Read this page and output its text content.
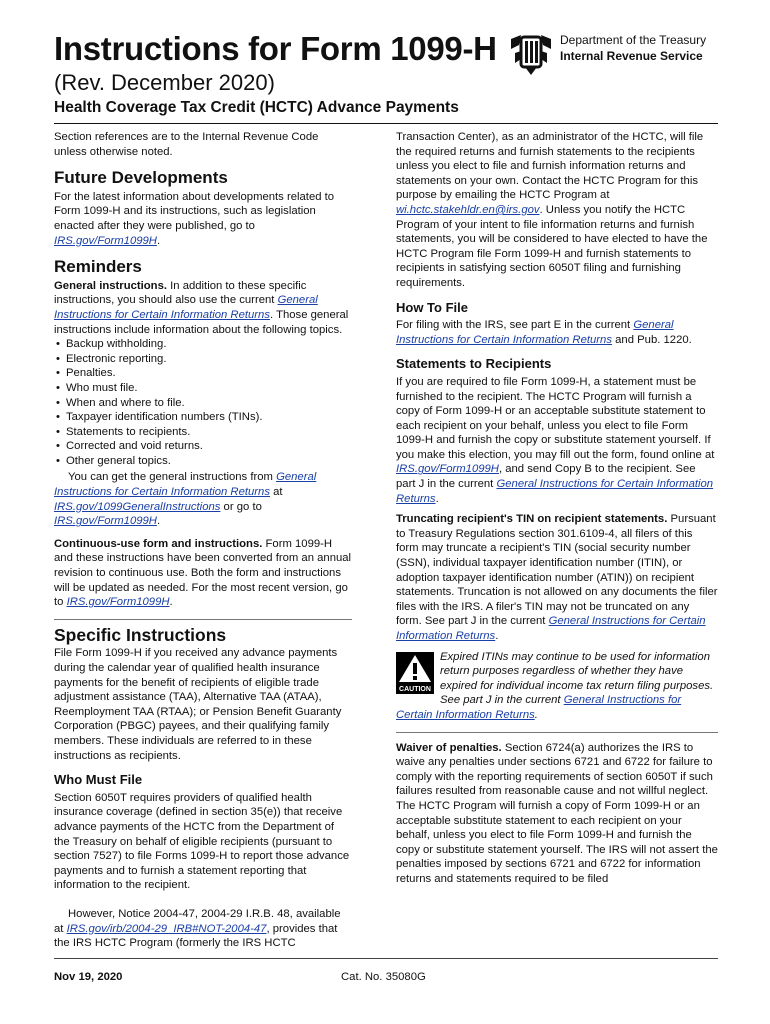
Instructions for Form 1099-H
(Rev. December 2020)
Health Coverage Tax Credit (HCTC) Advance Payments
Department of the Treasury
Internal Revenue Service

Section references are to the Internal Revenue Code unless otherwise noted.

Future Developments

For the latest information about developments related to Form 1099-H and its instructions, such as legislation enacted after they were published, go to IRS.gov/Form1099H.

Reminders

General instructions. In addition to these specific instructions, you should also use the current General Instructions for Certain Information Returns. Those general instructions include information about the following topics.

• Backup withholding.
• Electronic reporting.
• Penalties.
• Who must file.
• When and where to file.
• Taxpayer identification numbers (TINs).
• Statements to recipients.
• Corrected and void returns.
• Other general topics.

You can get the general instructions from General Instructions for Certain Information Returns at IRS.gov/1099GeneralInstructions or go to IRS.gov/Form1099H.

Continuous-use form and instructions. Form 1099-H and these instructions have been converted from an annual revision to continuous use. Both the form and instructions will be updated as needed. For the most recent version, go to IRS.gov/Form1099H.

Specific Instructions

File Form 1099-H if you received any advance payments during the calendar year of qualified health insurance payments for the benefit of recipients of eligible trade adjustment assistance (TAA), Alternative TAA (ATAA), Reemployment TAA (RTAA); or Pension Benefit Guaranty Corporation (PBGC) payees, and their qualifying family members. These individuals are referred to in these instructions as recipients.

Who Must File

Section 6050T requires providers of qualified health insurance coverage (defined in section 35(e)) that receive advance payments of the HCTC from the Department of the Treasury on behalf of eligible recipients (pursuant to section 7527) to file Forms 1099-H to report those advance payments and to furnish a statement reporting that information to the recipient.

However, Notice 2004-47, 2004-29 I.R.B. 48, available at IRS.gov/irb/2004-29_IRB#NOT-2004-47, provides that the IRS HCTC Program (formerly the IRS HCTC

Transaction Center), as an administrator of the HCTC, will file the required returns and furnish statements to the recipients unless you elect to file and furnish information returns and statements on your own. Contact the HCTC Program for this purpose by emailing the HCTC Program at wi.hctc.stakehldr.en@irs.gov. Unless you notify the HCTC Program of your intent to file information returns and furnish statements, you will be considered to have elected to have the HCTC Program file Form 1099-H and furnish statements to recipients in satisfying section 6050T filing and furnishing requirements.

How To File

For filing with the IRS, see part E in the current General Instructions for Certain Information Returns and Pub. 1220.

Statements to Recipients

If you are required to file Form 1099-H, a statement must be furnished to the recipient. The HCTC Program will furnish a copy of Form 1099-H or an acceptable substitute statement to each recipient on your behalf, unless you elect to file Form 1099-H and furnish the copy or substitute statement yourself. If you make this election, you may fill out the form, found online at IRS.gov/Form1099H, and send Copy B to the recipient. See part J in the current General Instructions for Certain Information Returns.

Truncating recipient's TIN on recipient statements. Pursuant to Treasury Regulations section 301.6109-4, all filers of this form may truncate a recipient's TIN (social security number (SSN), individual taxpayer identification number (ITIN), or adoption taxpayer identification number (ATIN)) on recipient statements. Truncation is not allowed on any documents the filer files with the IRS. A filer's TIN may not be truncated on any form. See part J in the current General Instructions for Certain Information Returns.

CAUTION

Expired ITINs may continue to be used for information return purposes regardless of whether they have expired for individual income tax return filing purposes. See part J in the current General Instructions for Certain Information Returns.

Waiver of penalties. Section 6724(a) authorizes the IRS to waive any penalties under sections 6721 and 6722 for failure to comply with the reporting requirements of section 6050T if such failures resulted from reasonable cause and not willful neglect. The HCTC Program will furnish a copy of Form 1099-H or an acceptable substitute statement to each recipient on your behalf, unless you elect to file Form 1099-H and furnish the copy or substitute statement yourself. The IRS will not assert the penalties imposed by sections 6721 and 6722 for information returns and statements required to be filed

Nov 19, 2020	Cat. No. 35080G
